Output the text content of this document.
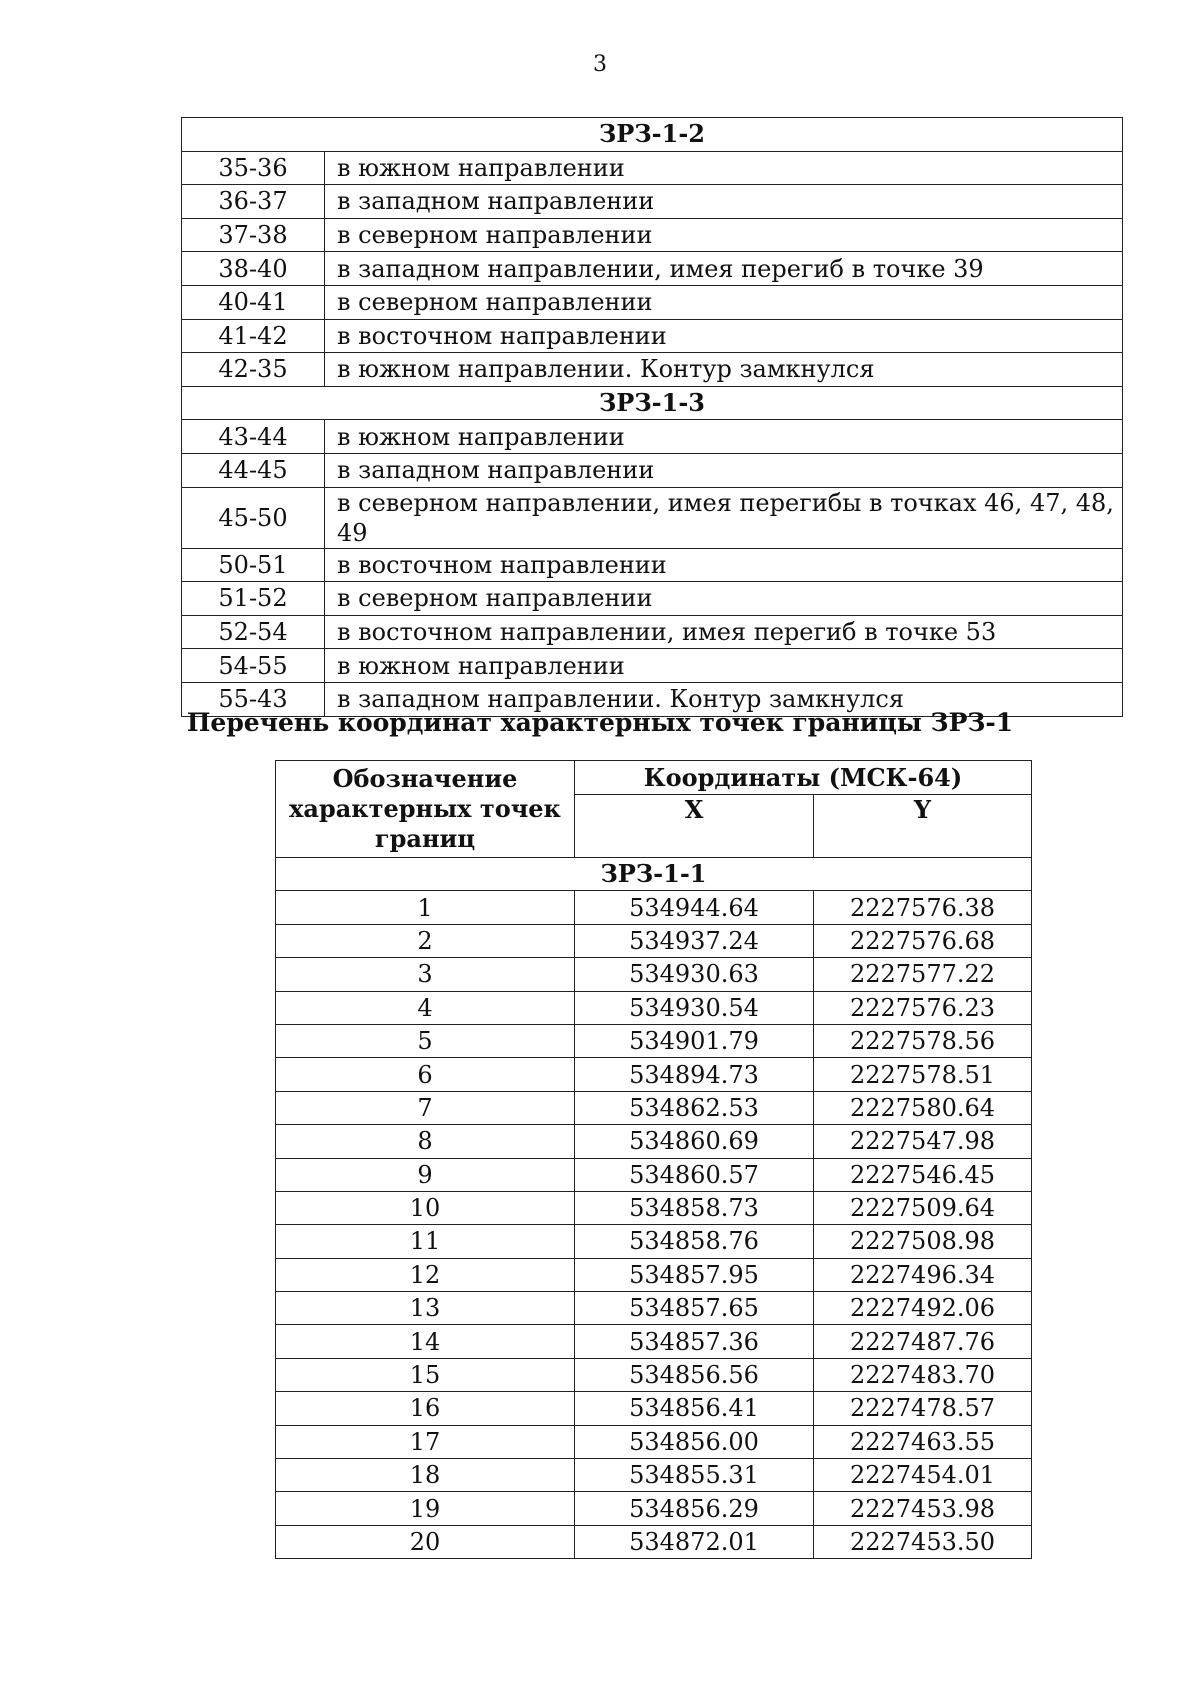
3
ЗРЗ-1-2	
35-36	в южном направлении
36-37	в западном направлении
37-38	в северном направлении
38-40	в западном направлении, имея перегиб в точке 39
40-41	в северном направлении
41-42	в восточном направлении
42-35	в южном направлении. Контур замкнулся
ЗРЗ-1-3	
43-44	в южном направлении
44-45	в западном направлении
45-50	в северном направлении, имея перегибы в точках 46, 47, 48, 49
50-51	в восточном направлении
51-52	в северном направлении
52-54	в восточном направлении, имея перегиб в точке 53
54-55	в южном направлении
55-43	в западном направлении. Контур замкнулся
Перечень координат характерных точек границы ЗРЗ-1
Обозначение характерных точек границ	Координаты (МСК-64)	
	X	Y
ЗРЗ-1-1		
1	534944.64	2227576.38
2	534937.24	2227576.68
3	534930.63	2227577.22
4	534930.54	2227576.23
5	534901.79	2227578.56
6	534894.73	2227578.51
7	534862.53	2227580.64
8	534860.69	2227547.98
9	534860.57	2227546.45
10	534858.73	2227509.64
11	534858.76	2227508.98
12	534857.95	2227496.34
13	534857.65	2227492.06
14	534857.36	2227487.76
15	534856.56	2227483.70
16	534856.41	2227478.57
17	534856.00	2227463.55
18	534855.31	2227454.01
19	534856.29	2227453.98
20	534872.01	2227453.50
